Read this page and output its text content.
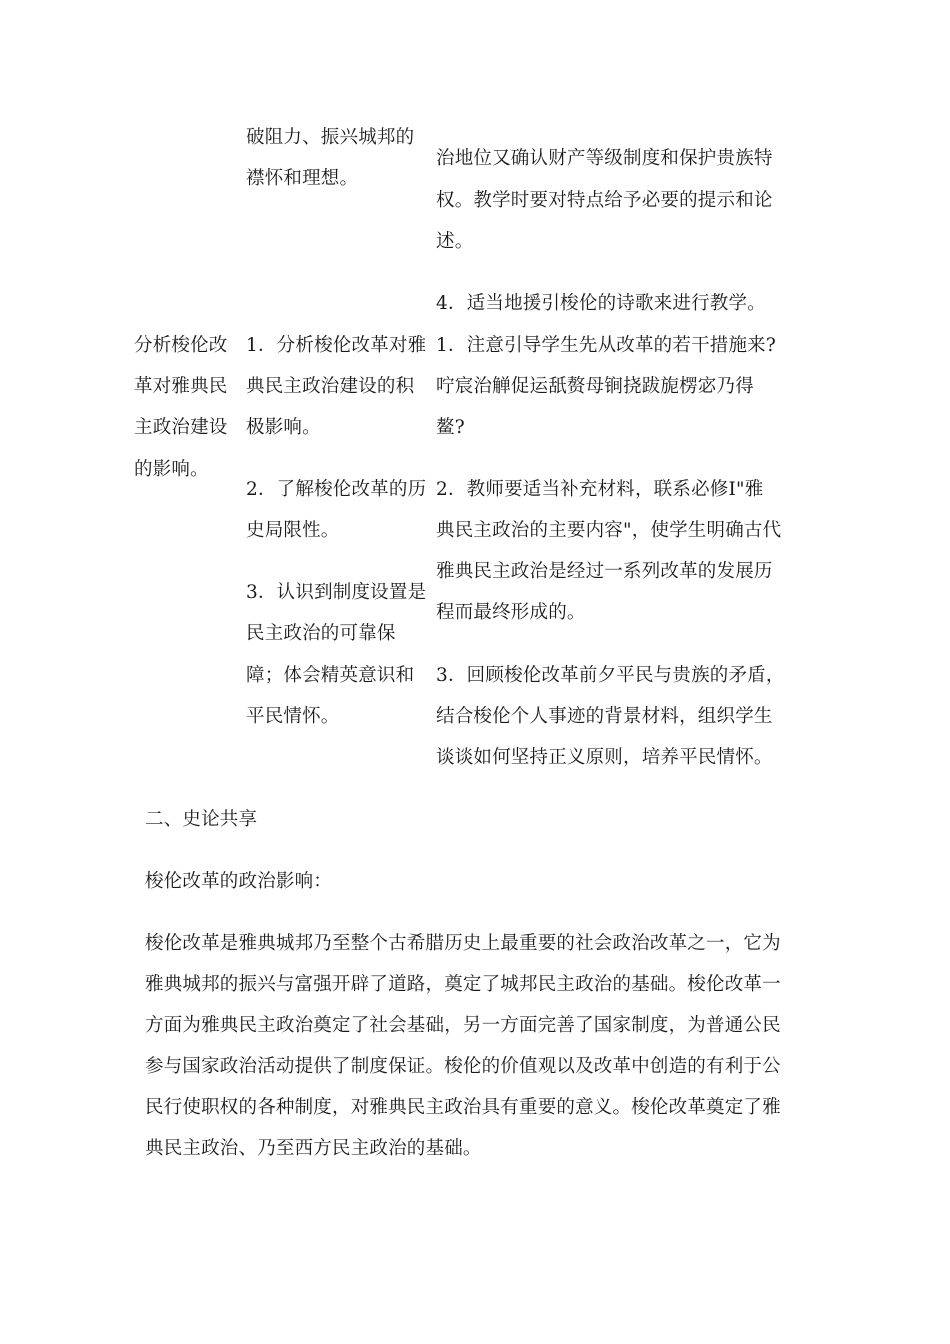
破阻力、振兴城邦的
襟怀和理想。
治地位又确认财产等级制度和保护贵族特
权。教学时要对特点给予必要的提示和论
述。
4．适当地援引梭伦的诗歌来进行教学。
分析梭伦改
革对雅典民
主政治建设
的影响。
1．分析梭伦改革对雅
典民主政治建设的积
极影响。
2．了解梭伦改革的历
史局限性。
3．认识到制度设置是
民主政治的可靠保
障；体会精英意识和
平民情怀。
1．注意引导学生先从改革的若干措施来?
咛宸治觯促运舐赘母锏挠跋旎楞宓乃得
鳌?
2．教师要适当补充材料，联系必修Ⅰ"雅
典民主政治的主要内容"，使学生明确古代
雅典民主政治是经过一系列改革的发展历
程而最终形成的。
3．回顾梭伦改革前夕平民与贵族的矛盾，
结合梭伦个人事迹的背景材料，组织学生
谈谈如何坚持正义原则，培养平民情怀。
二、史论共享
梭伦改革的政治影响：
梭伦改革是雅典城邦乃至整个古希腊历史上最重要的社会政治改革之一，它为
雅典城邦的振兴与富强开辟了道路，奠定了城邦民主政治的基础。梭伦改革一
方面为雅典民主政治奠定了社会基础，另一方面完善了国家制度，为普通公民
参与国家政治活动提供了制度保证。梭伦的价值观以及改革中创造的有利于公
民行使职权的各种制度，对雅典民主政治具有重要的意义。梭伦改革奠定了雅
典民主政治、乃至西方民主政治的基础。
